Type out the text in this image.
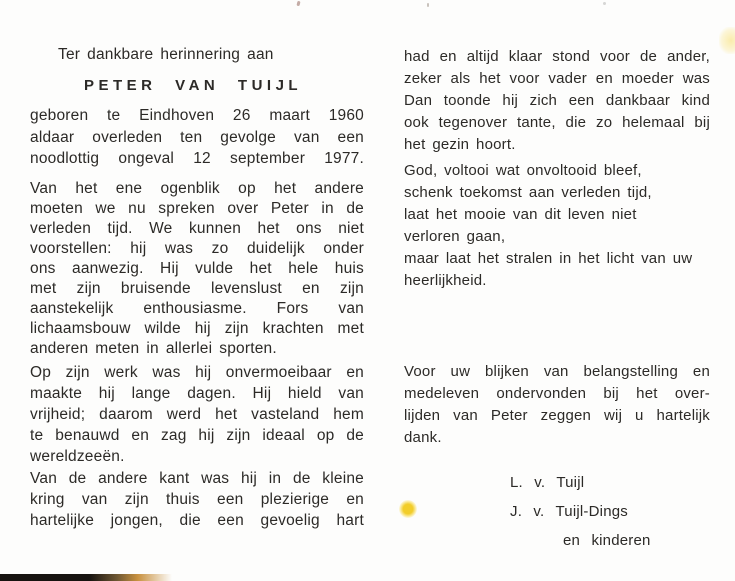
Ter dankbare herinnering aan
PETER VAN TUIJL
geboren te Eindhoven 26 maart 1960
aldaar overleden ten gevolge van een
noodlottig ongeval 12 september 1977.
Van het ene ogenblik op het andere
moeten we nu spreken over Peter in de
verleden tijd. We kunnen het ons niet
voorstellen: hij was zo duidelijk onder
ons aanwezig. Hij vulde het hele huis
met zijn bruisende levenslust en zijn
aanstekelijk enthousiasme. Fors van
lichaamsbouw wilde hij zijn krachten met
anderen meten in allerlei sporten.
Op zijn werk was hij onvermoeibaar en
maakte hij lange dagen. Hij hield van
vrijheid; daarom werd het vasteland hem
te benauwd en zag hij zijn ideaal op de
wereldzeeën.
Van de andere kant was hij in de kleine
kring van zijn thuis een plezierige en
hartelijke jongen, die een gevoelig hart
had en altijd klaar stond voor de ander,
zeker als het voor vader en moeder was
Dan toonde hij zich een dankbaar kind
ook tegenover tante, die zo helemaal bij
het gezin hoort.
God, voltooi wat onvoltooid bleef,
schenk toekomst aan verleden tijd,
laat het mooie van dit leven niet
verloren gaan,
maar laat het stralen in het licht van uw
heerlijkheid.
Voor uw blijken van belangstelling en
medeleven ondervonden bij het over-
lijden van Peter zeggen wij u hartelijk
dank.
L. v. Tuijl
J. v. Tuijl-Dings
en kinderen
